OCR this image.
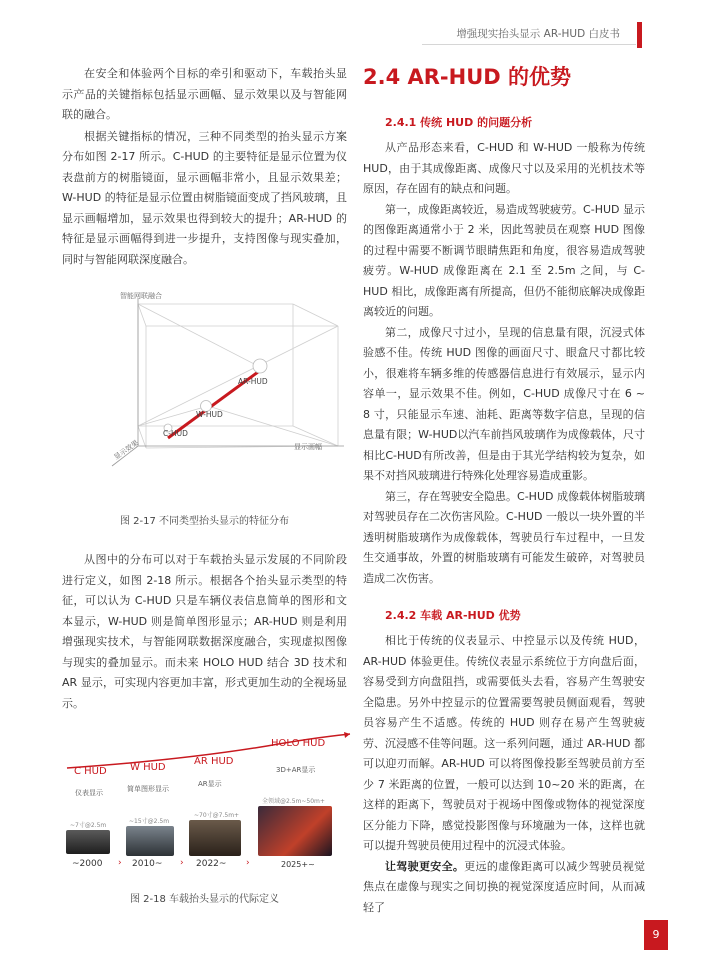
增强现实抬头显示 AR-HUD 白皮书

在安全和体验两个目标的牵引和驱动下，车载抬头显示产品的关键指标包括显示画幅、显示效果以及与智能网联的融合。

根据关键指标的情况，三种不同类型的抬头显示方案分布如图 2-17 所示。C-HUD 的主要特征是显示位置为仪表盘前方的树脂镜面，显示画幅非常小，且显示效果差；W-HUD 的特征是显示位置由树脂镜面变成了挡风玻璃，且显示画幅增加，显示效果也得到较大的提升；AR-HUD 的特征是显示画幅得到进一步提升，支持图像与现实叠加，同时与智能网联深度融合。

智能网联融合
显示画幅
显示效果
C-HUD
W-HUD
AR-HUD
图 2-17 不同类型抬头显示的特征分布

从图中的分布可以对于车载抬头显示发展的不同阶段进行定义，如图 2-18 所示。根据各个抬头显示类型的特征，可以认为 C-HUD 只是车辆仪表信息简单的图形和文本显示，W-HUD 则是简单图形显示；AR-HUD 则是利用增强现实技术，与智能网联数据深度融合，实现虚拟图像与现实的叠加显示。而未来 HOLO HUD 结合 3D 技术和 AR 显示，可实现内容更加丰富，形式更加生动的全视场显示。

C HUD
仪表显示
~7寸@2.5m
~2000 ›
W HUD
简单图形显示
~15寸@2.5m
2010~ ›
AR HUD
AR显示
~70寸@7.5m+
2022~ ›
HOLO HUD
3D+AR显示
全领域@2.5m~50m+
2025+~
图 2-18 车载抬头显示的代际定义
2.4 AR-HUD 的优势
2.4.1 传统 HUD 的问题分析

从产品形态来看，C-HUD 和 W-HUD 一般称为传统 HUD，由于其成像距离、成像尺寸以及采用的光机技术等原因，存在固有的缺点和问题。

第一，成像距离较近，易造成驾驶疲劳。C-HUD 显示的图像距离通常小于 2 米，因此驾驶员在观察 HUD 图像的过程中需要不断调节眼睛焦距和角度，很容易造成驾驶疲劳。W-HUD 成像距离在 2.1 至 2.5m 之间，与 C-HUD 相比，成像距离有所提高，但仍不能彻底解决成像距离较近的问题。

第二，成像尺寸过小，呈现的信息量有限，沉浸式体验感不佳。传统 HUD 图像的画面尺寸、眼盒尺寸都比较小，很难将车辆多维的传感器信息进行有效展示，显示内容单一，显示效果不佳。例如，C-HUD 成像尺寸在 6 ~ 8 寸，只能显示车速、油耗、距离等数字信息，呈现的信息量有限；W-HUD以汽车前挡风玻璃作为成像载体，尺寸相比C-HUD有所改善，但是由于其光学结构较为复杂，如果不对挡风玻璃进行特殊化处理容易造成重影。

第三，存在驾驶安全隐患。C-HUD 成像载体树脂玻璃对驾驶员存在二次伤害风险。C-HUD 一般以一块外置的半透明树脂玻璃作为成像载体，驾驶员行车过程中，一旦发生交通事故，外置的树脂玻璃有可能发生破碎，对驾驶员造成二次伤害。

2.4.2 车载 AR-HUD 优势

相比于传统的仪表显示、中控显示以及传统 HUD，AR-HUD 体验更佳。传统仪表显示系统位于方向盘后面，容易受到方向盘阻挡，或需要低头去看，容易产生驾驶安全隐患。另外中控显示的位置需要驾驶员侧面观看，驾驶员容易产生不适感。传统的 HUD 则存在易产生驾驶疲劳、沉浸感不佳等问题。这一系列问题，通过 AR-HUD 都可以迎刃而解。AR-HUD 可以将图像投影至驾驶员前方至少 7 米距离的位置，一般可以达到 10~20 米的距离，在这样的距离下，驾驶员对于视场中图像或物体的视觉深度区分能力下降，感觉投影图像与环境融为一体，这样也就可以提升驾驶员使用过程中的沉浸式体验。

让驾驶更安全。更远的虚像距离可以减少驾驶员视觉焦点在虚像与现实之间切换的视觉深度适应时间，从而减轻了

9
